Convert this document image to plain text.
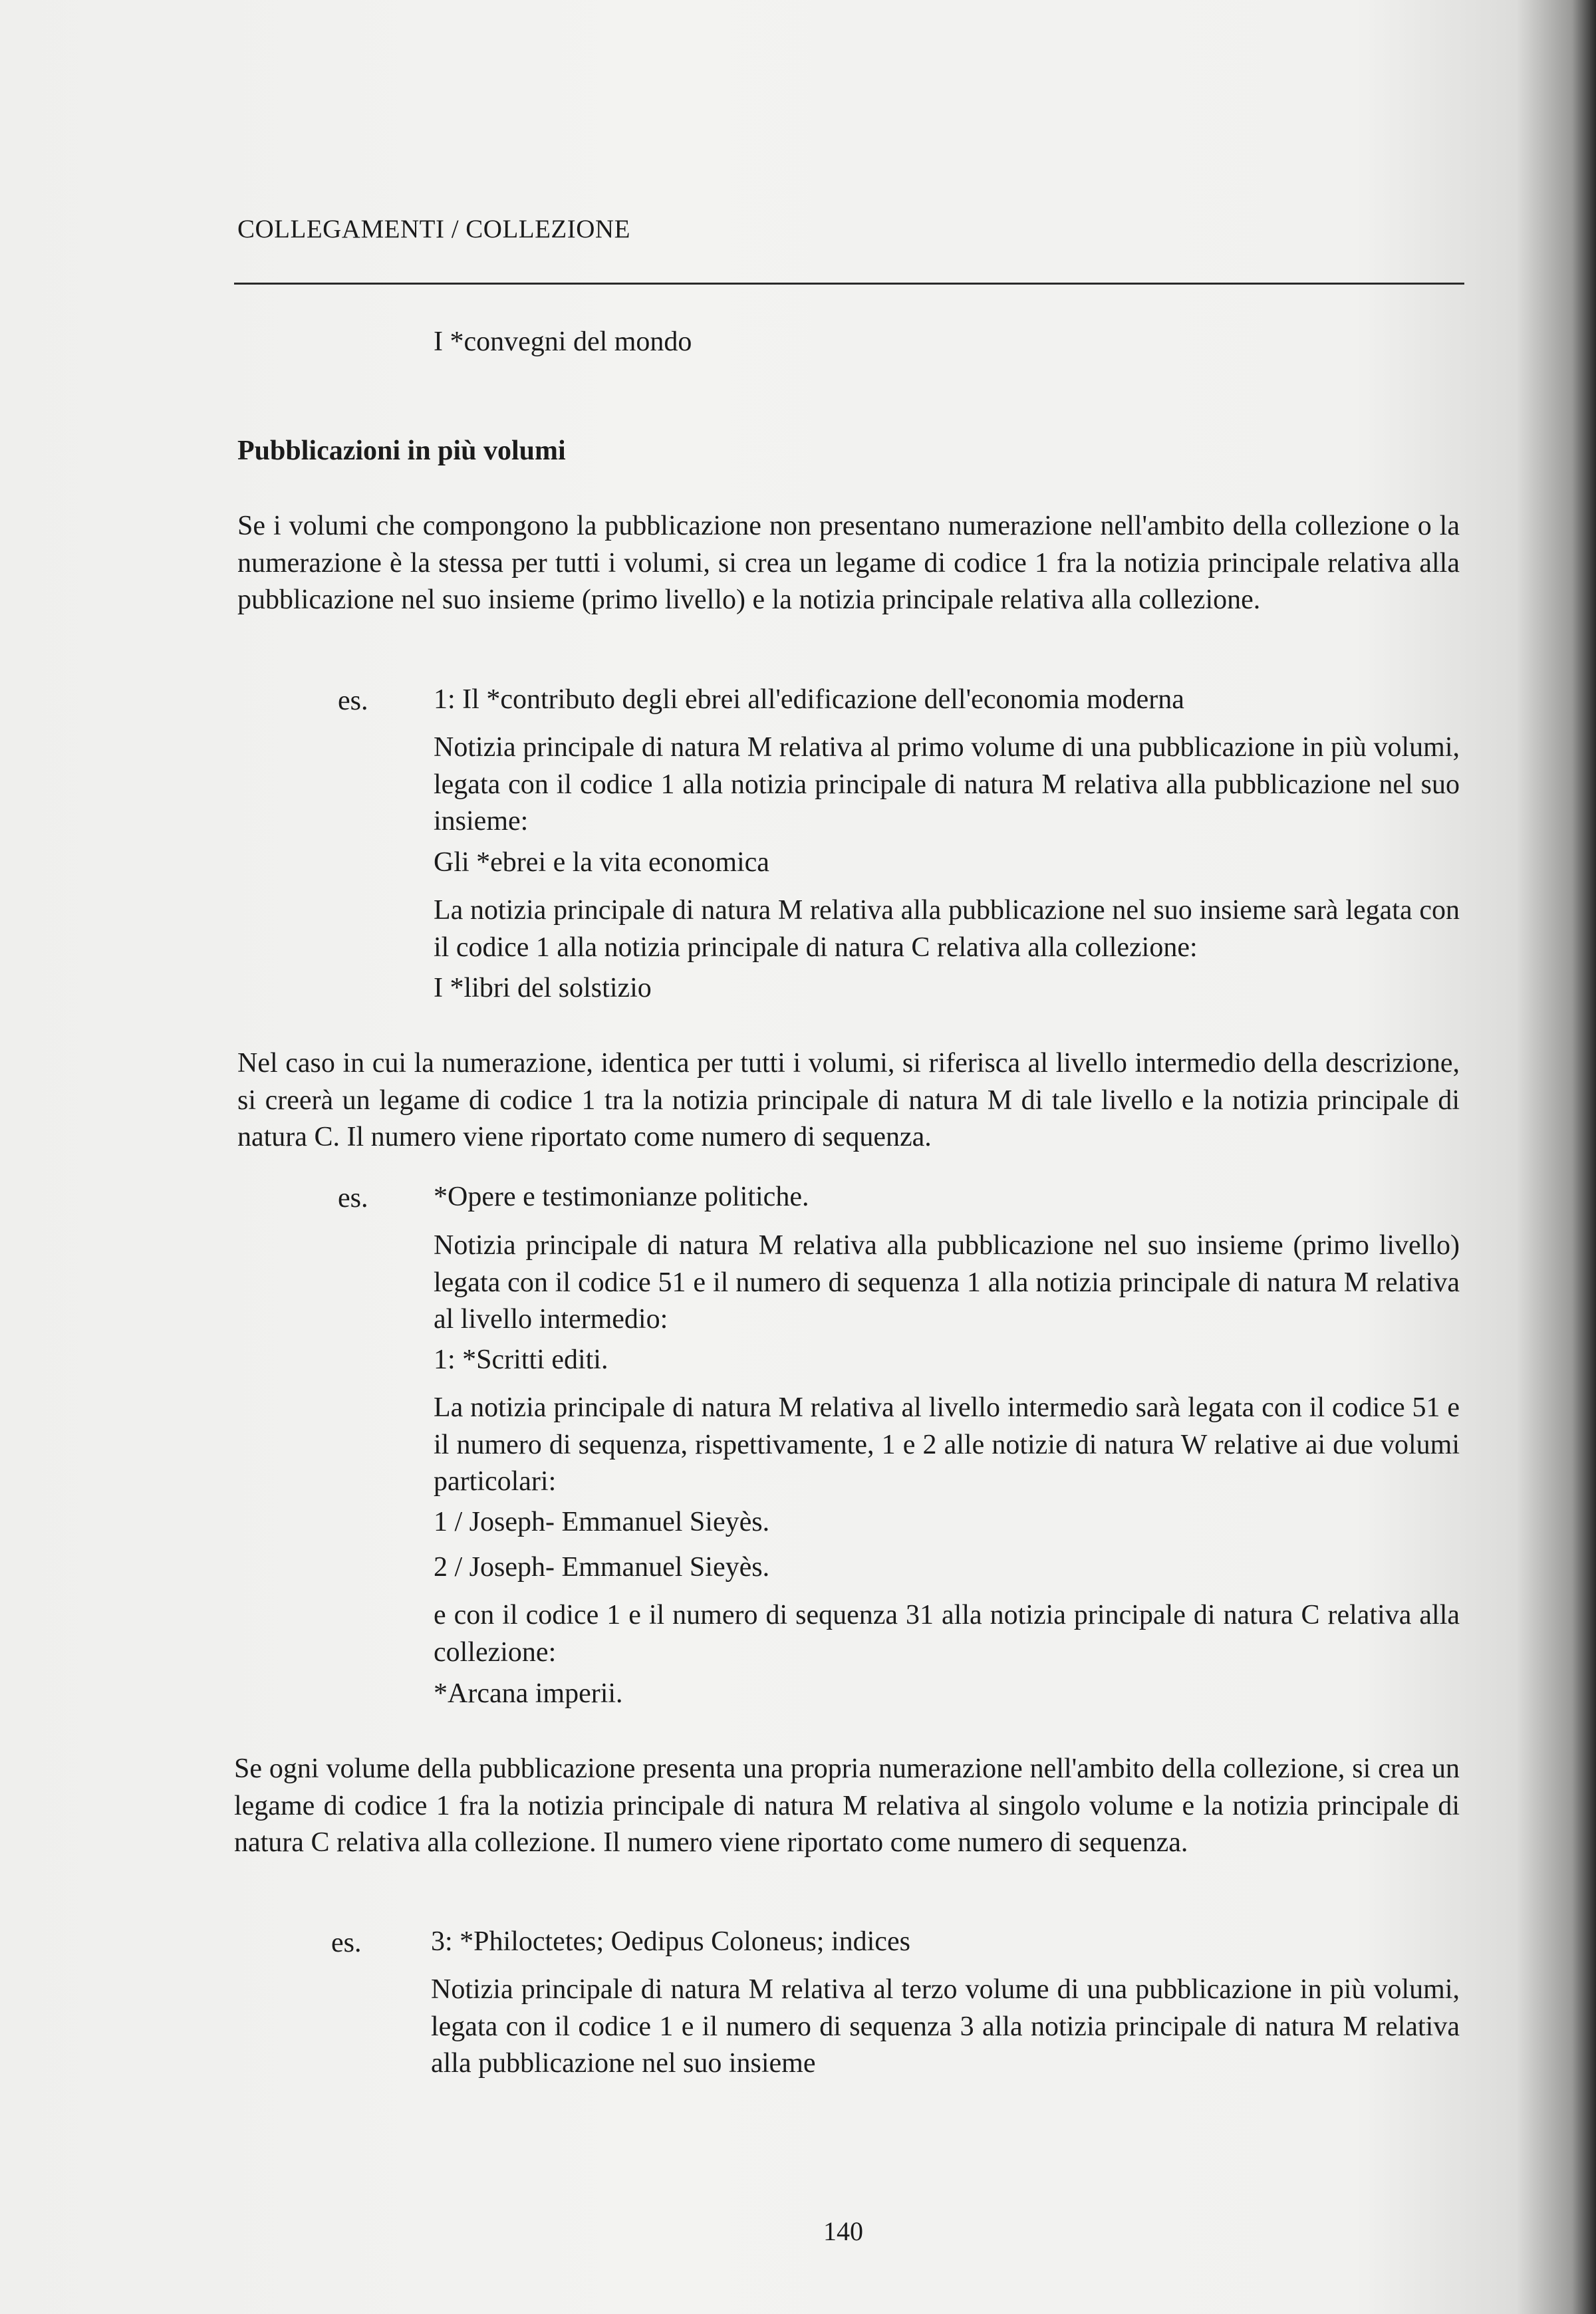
COLLEGAMENTI / COLLEZIONE
I *convegni del mondo
Pubblicazioni in più volumi
Se i volumi che compongono la pubblicazione non presentano numerazione nell'ambito della collezione o la numerazione è la stessa per tutti i volumi, si crea un legame di codice 1 fra la notizia principale relativa alla pubblicazione nel suo insieme (primo livello) e la notizia principale relativa alla collezione.
es. 1: Il *contributo degli ebrei all'edificazione dell'economia moderna
Notizia principale di natura M relativa al primo volume di una pubblicazione in più volumi, legata con il codice 1 alla notizia principale di natura M relativa alla pubblicazione nel suo insieme:
Gli *ebrei e la vita economica
La notizia principale di natura M relativa alla pubblicazione nel suo insieme sarà legata con il codice 1 alla notizia principale di natura C relativa alla collezione:
I *libri del solstizio
Nel caso in cui la numerazione, identica per tutti i volumi, si riferisca al livello intermedio della descrizione, si creerà un legame di codice 1 tra la notizia principale di natura M di tale livello e la notizia principale di natura C. Il numero viene riportato come numero di sequenza.
es. *Opere e testimonianze politiche.
Notizia principale di natura M relativa alla pubblicazione nel suo insieme (primo livello) legata con il codice 51 e il numero di sequenza 1 alla notizia principale di natura M relativa al livello intermedio:
1: *Scritti editi.
La notizia principale di natura M relativa al livello intermedio sarà legata con il codice 51 e il numero di sequenza, rispettivamente, 1 e 2 alle notizie di natura W relative ai due volumi particolari:
1 / Joseph- Emmanuel Sieyès.
2 / Joseph- Emmanuel Sieyès.
e con il codice 1 e il numero di sequenza 31 alla notizia principale di natura C relativa alla collezione:
*Arcana imperii.
Se ogni volume della pubblicazione presenta una propria numerazione nell'ambito della collezione, si crea un legame di codice 1 fra la notizia principale di natura M relativa al singolo volume e la notizia principale di natura C relativa alla collezione. Il numero viene riportato come numero di sequenza.
es. 3: *Philoctetes; Oedipus Coloneus; indices
Notizia principale di natura M relativa al terzo volume di una pubblicazione in più volumi, legata con il codice 1 e il numero di sequenza 3 alla notizia principale di natura M relativa alla pubblicazione nel suo insieme
140
